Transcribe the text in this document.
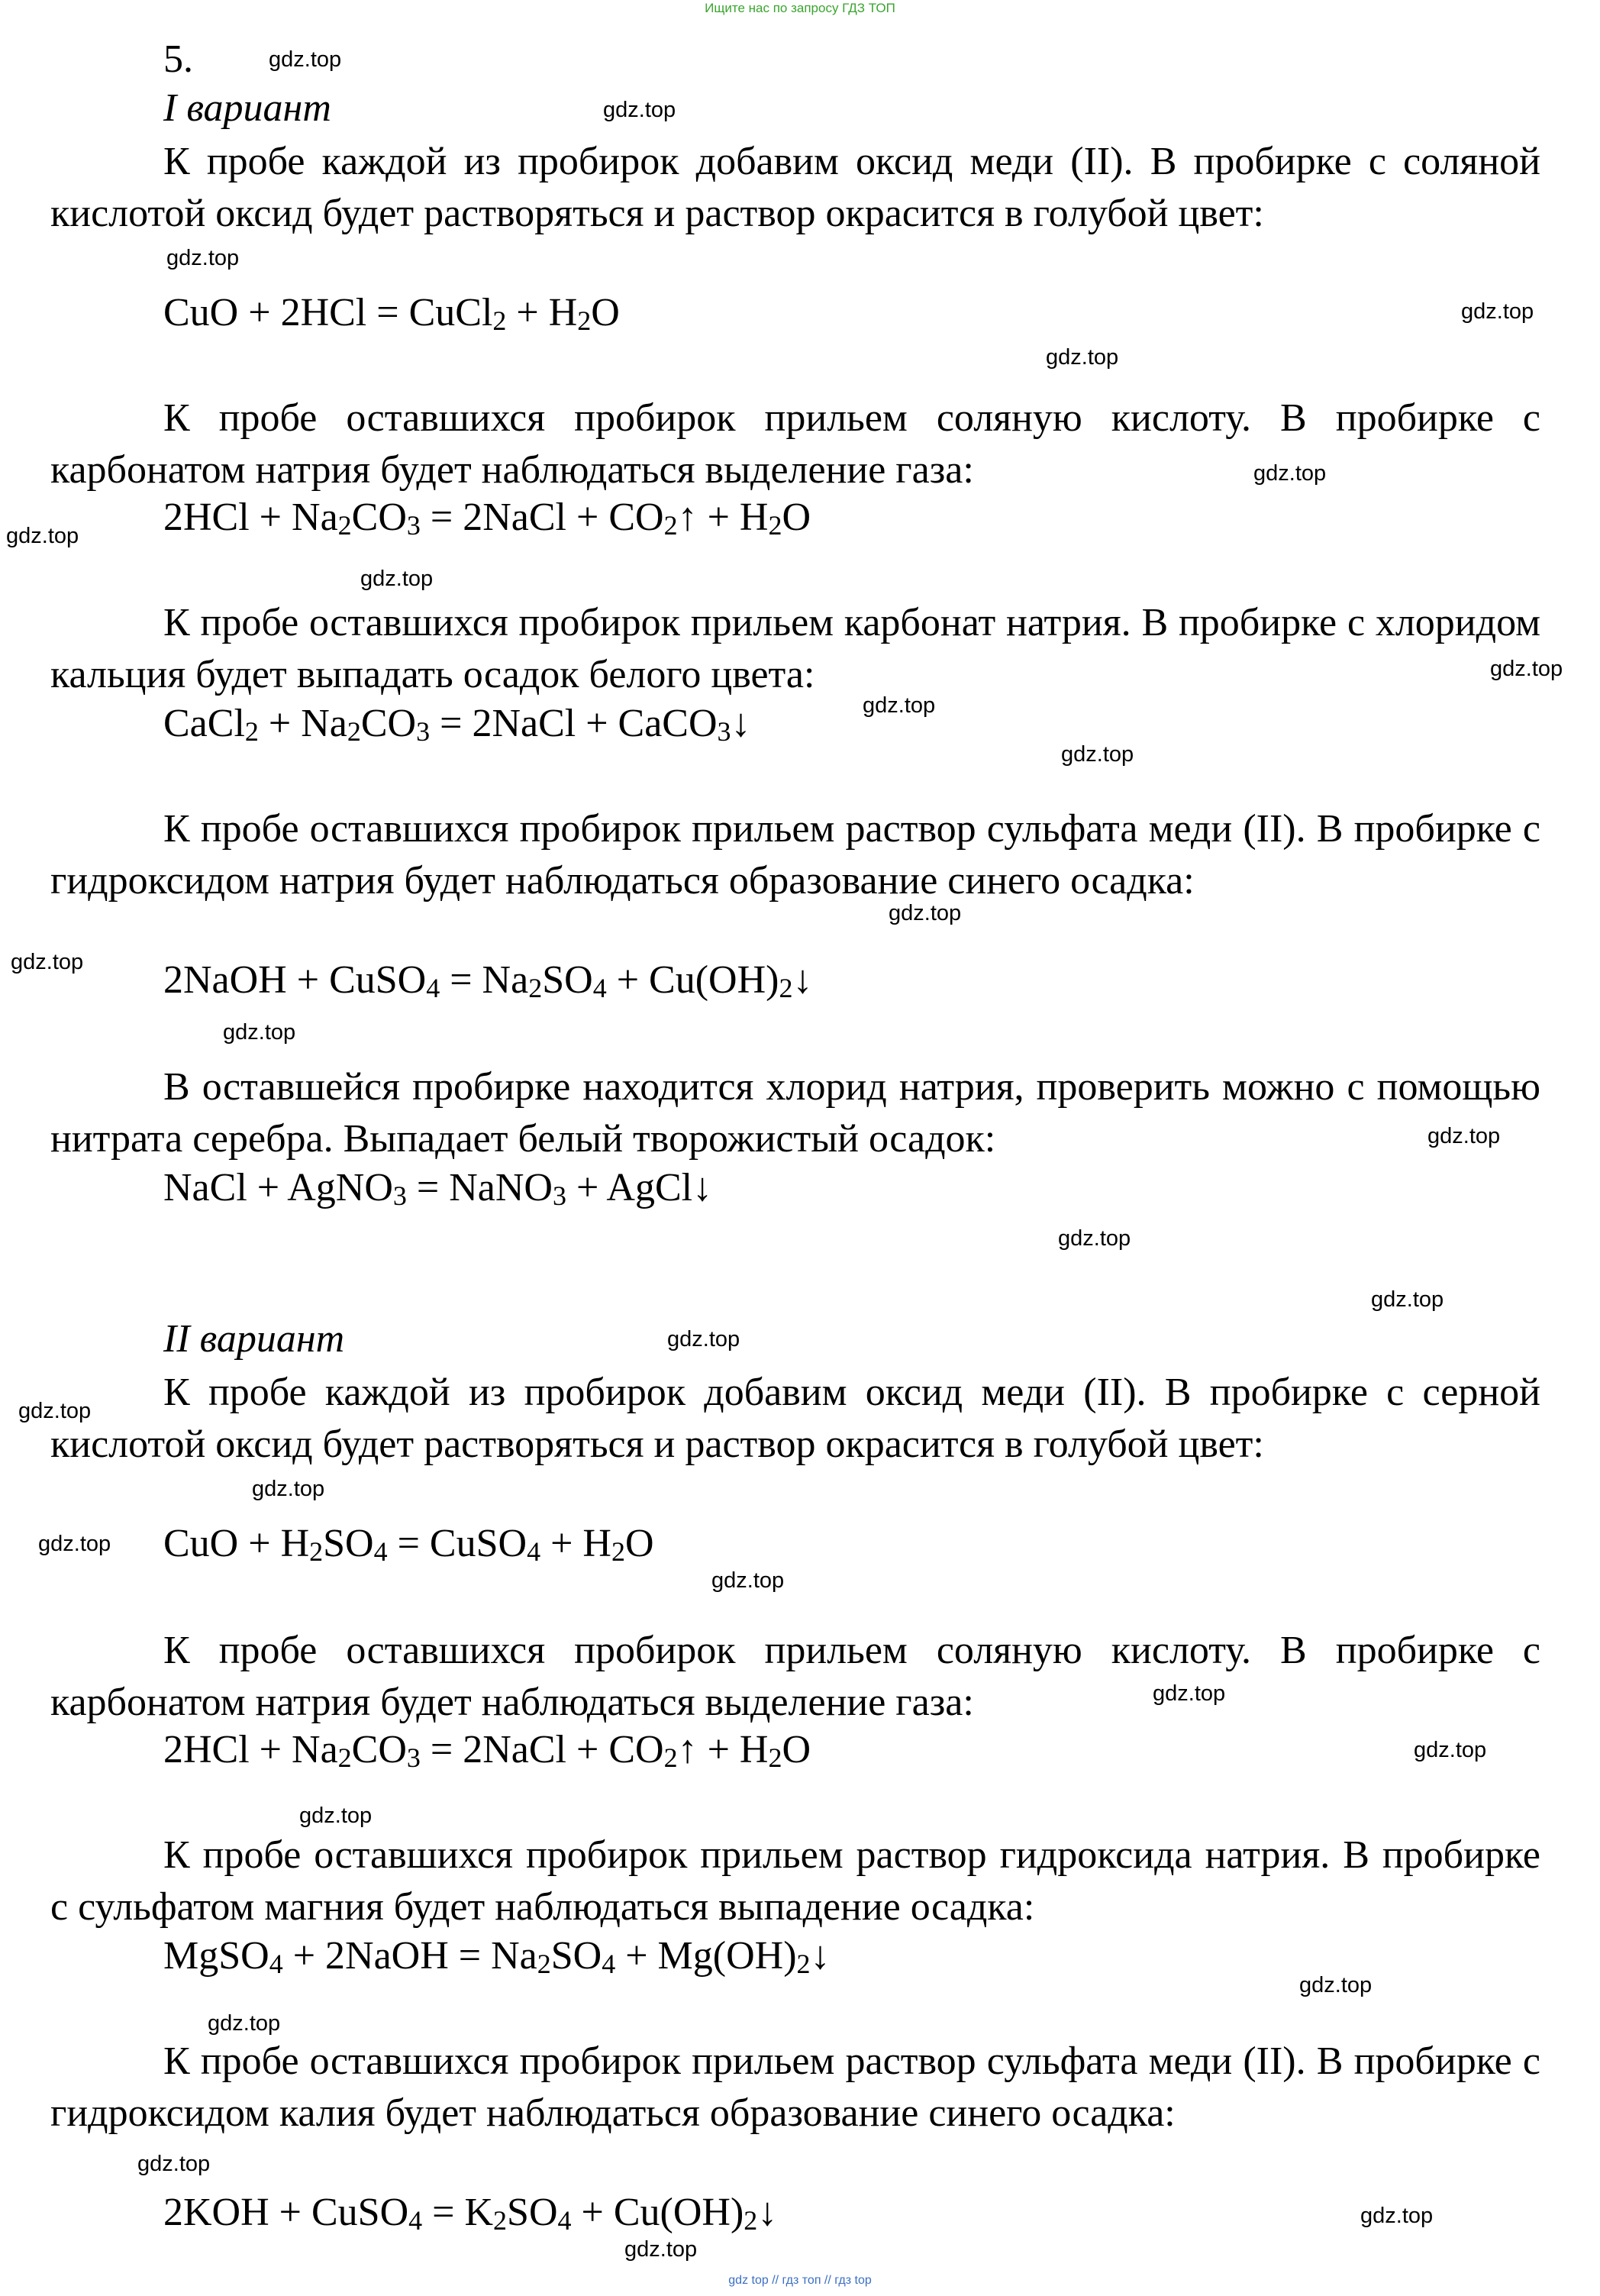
Ищите нас по запросу ГДЗ ТОП
5.
I вариант

К пробе каждой из пробирок добавим оксид меди (II). В пробирке с соляной кислотой оксид будет растворяться и раствор окрасится в голубой цвет:

CuO + 2HCl = CuCl$_2$ + $H_2O$

К пробе оставшихся пробирок прильем соляную кислоту. В пробирке с карбонатом натрия будет наблюдаться выделение газа:

$2HCl + Na_2CO_3$ = 2NaCl + $CO_2↑ + H_2O$

К пробе оставшихся пробирок прильем карбонат натрия. В пробирке с хлоридом кальция будет выпадать осадок белого цвета:

CaCl$_2$ + $Na_2CO_3$ = 2NaCl + CaCO$_3$↓

К пробе оставшихся пробирок прильем раствор сульфата меди (II). В пробирке с гидроксидом натрия будет наблюдаться образование синего осадка:

2NaOH + CuSO$_4$ = $Na_2SO_4$ + $Cu(OH)_2↓$

В оставшейся пробирке находится хлорид натрия, проверить можно с помощью нитрата серебра. Выпадает белый творожистый осадок:

NaCl + AgNO$_3$ = NaNO$_3$ + AgCl↓
II вариант

К пробе каждой из пробирок добавим оксид меди (II). В пробирке с серной кислотой оксид будет растворяться и раствор окрасится в голубой цвет:

CuO + $H_2SO_4$ = CuSO$_4$ + $H_2O$

К пробе оставшихся пробирок прильем соляную кислоту. В пробирке с карбонатом натрия будет наблюдаться выделение газа:

$2HCl + Na_2CO_3$ = 2NaCl + $CO_2↑ + H_2O$

К пробе оставшихся пробирок прильем раствор гидроксида натрия. В пробирке с сульфатом магния будет наблюдаться выпадение осадка:

MgSO$_4$ + 2NaOH = $Na_2SO_4$ + $Mg(OH)_2↓$

К пробе оставшихся пробирок прильем раствор сульфата меди (II). В пробирке с гидроксидом калия будет наблюдаться образование синего осадка:

2KOH + CuSO$_4$ = $K_2SO_4$ + $Cu(OH)_2↓$
gdz.top
gdz.top
gdz.top
gdz.top
gdz.top
gdz.top
gdz.top
gdz.top
gdz.top
gdz.top
gdz.top
gdz.top
gdz.top
gdz.top
gdz.top
gdz.top
gdz.top
gdz.top
gdz.top
gdz.top
gdz.top
gdz.top
gdz.top
gdz.top
gdz.top
gdz.top
gdz.top
gdz.top
gdz.top
gdz.top
gdz top // гдз топ // гдз top
